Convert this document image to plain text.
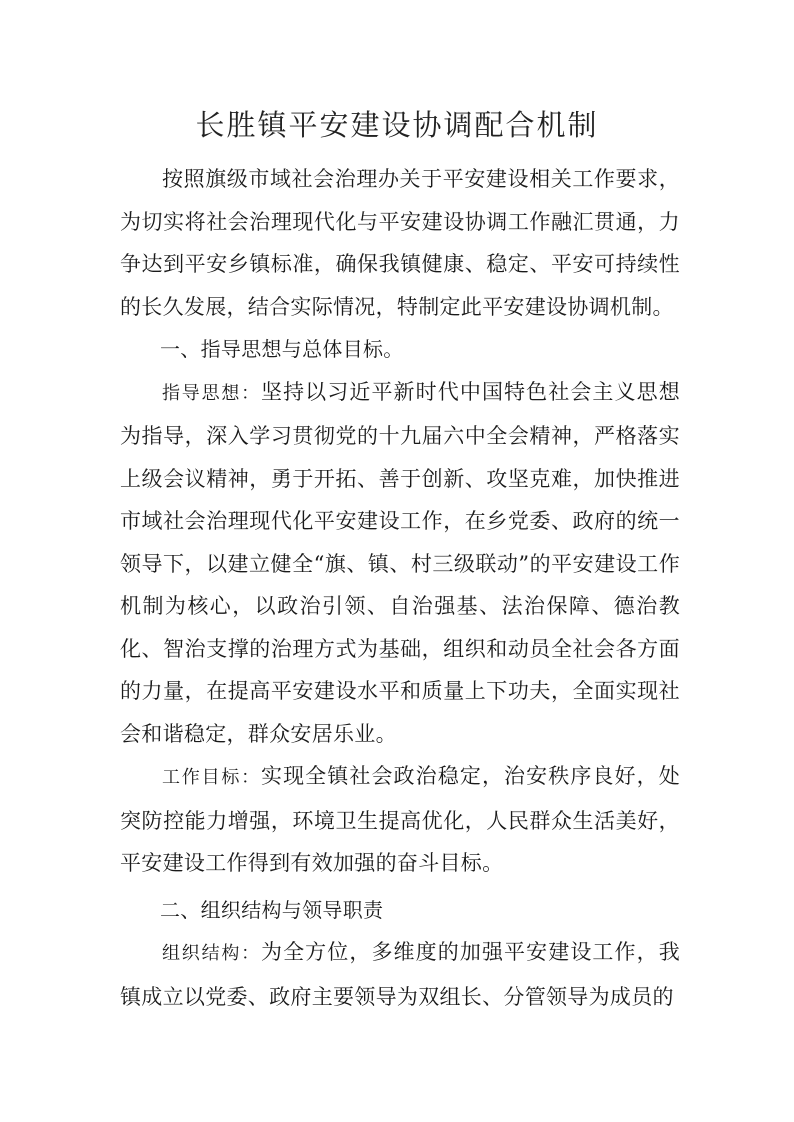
长胜镇平安建设协调配合机制

按照旗级市域社会治理办关于平安建设相关工作要求，为切实将社会治理现代化与平安建设协调工作融汇贯通，力争达到平安乡镇标准，确保我镇健康、稳定、平安可持续性的长久发展，结合实际情况，特制定此平安建设协调机制。

一、指导思想与总体目标。

指导思想：坚持以习近平新时代中国特色社会主义思想为指导，深入学习贯彻党的十九届六中全会精神，严格落实上级会议精神，勇于开拓、善于创新、攻坚克难，加快推进市域社会治理现代化平安建设工作，在乡党委、政府的统一领导下，以建立健全“旗、镇、村三级联动”的平安建设工作机制为核心，以政治引领、自治强基、法治保障、德治教 化、智治支撑的治理方式为基础，组织和动员全社会各方面的力量，在提高平安建设水平和质量上下功夫，全面实现社 会和谐稳定，群众安居乐业。

工作目标：实现全镇社会政治稳定，治安秩序良好，处突防控能力增强，环境卫生提高优化，人民群众生活美好，平安建设工作得到有效加强的奋斗目标。

二、组织结构与领导职责

组织结构：为全方位，多维度的加强平安建设工作，我镇成立以党委、政府主要领导为双组长、分管领导为成员的
